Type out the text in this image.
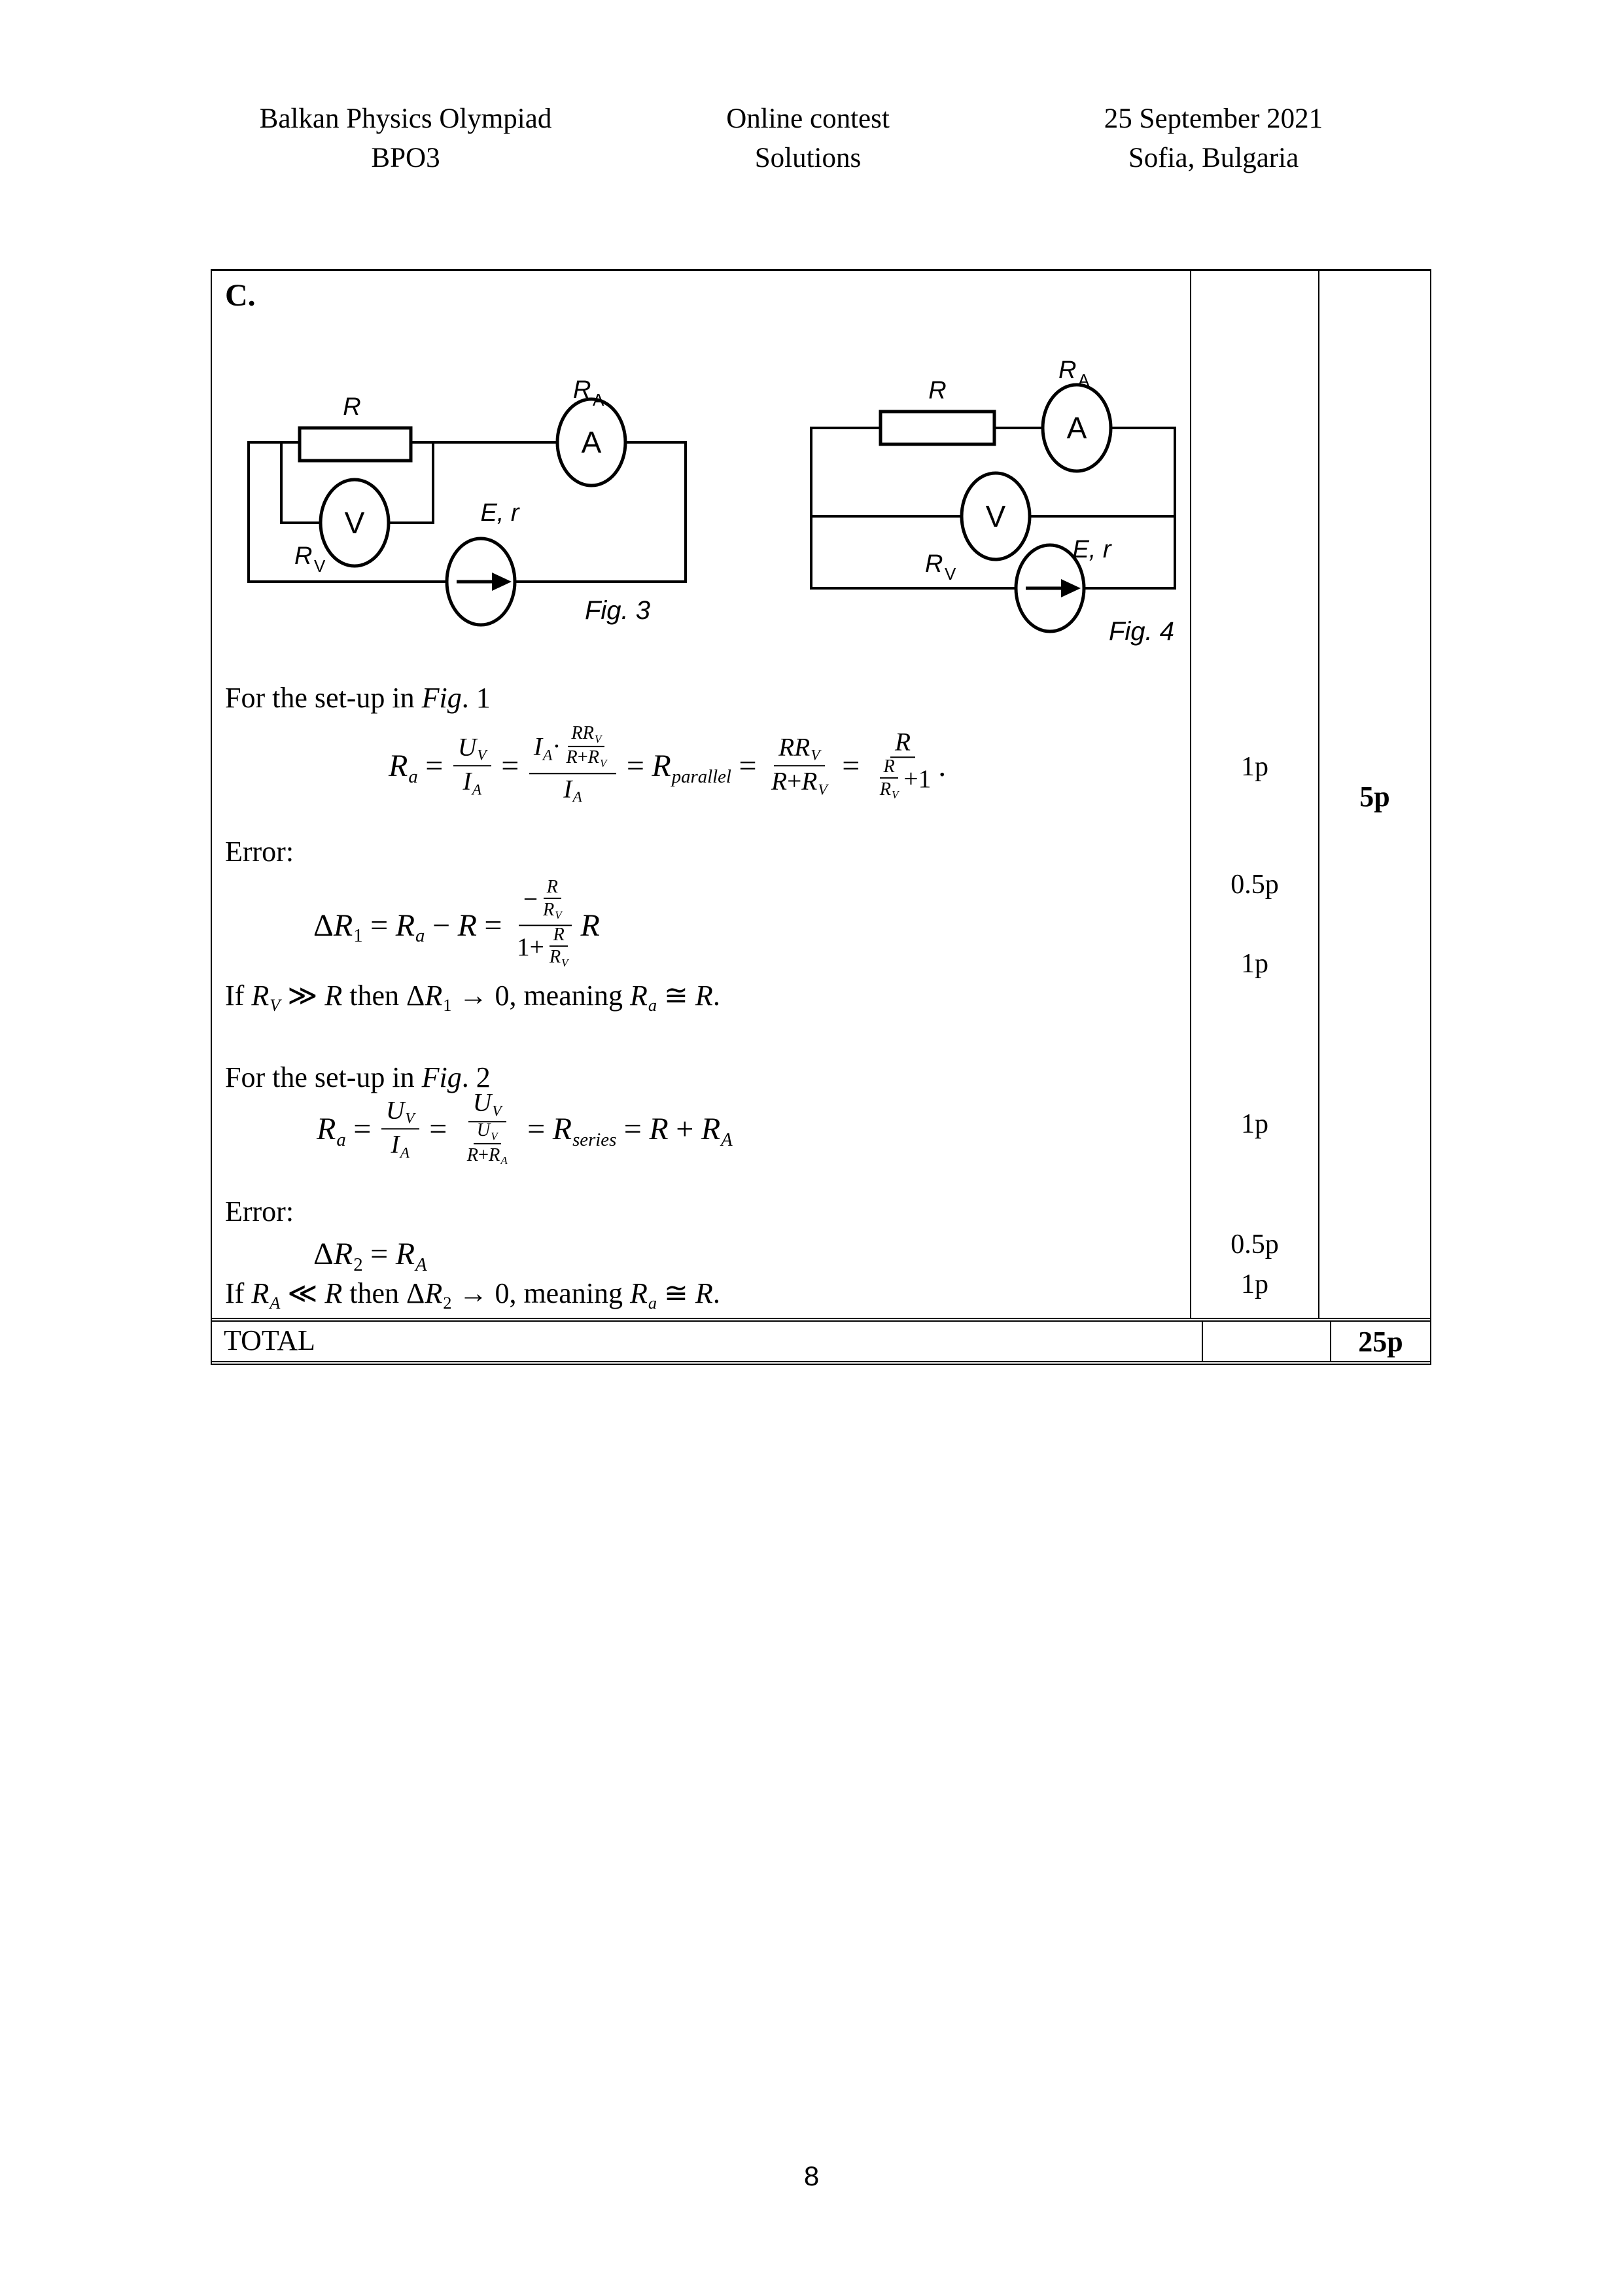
Balkan Physics Olympiad
BPO3
Online contest
Solutions
25 September 2021
Sofia, Bulgaria
C.
R
R A
A
V
R V
E, r
Fig. 3
R
R A
A
V
R V
E, r
Fig. 4
For the set-up in Fig. 1
$R_a = \frac{U_V}{I_A} = \frac{I_A\cdot \frac{RR_V}{R+R_V}}{I_A} = R_{parallel} = \frac{RR_V}{R+R_V} = \frac{R}{\frac{R}{R_V} +1}$ .
Error:
$\Delta R_1 = R_a - R = \frac{- \frac{R}{R_V}}{1+ \frac{R}{R_V}}$ R
If $R_V$ ≫ R then $\Delta R_1 \to 0$, meaning $R_a$ ≅ R.
For the set-up in Fig. 2
$R_a = \frac{U_V}{I_A} = \frac{U_V}{\frac{U_V}{R+R_A}} = R_{series} = R + R_A$
Error:
$\Delta R_2 = R_A$
If $R_A$ ≪ R then $\Delta R_2 \to 0$, meaning $R_a$ ≅ R.
1p
0.5p
1p
1p
0.5p
1p
5p
TOTAL	25p
8
